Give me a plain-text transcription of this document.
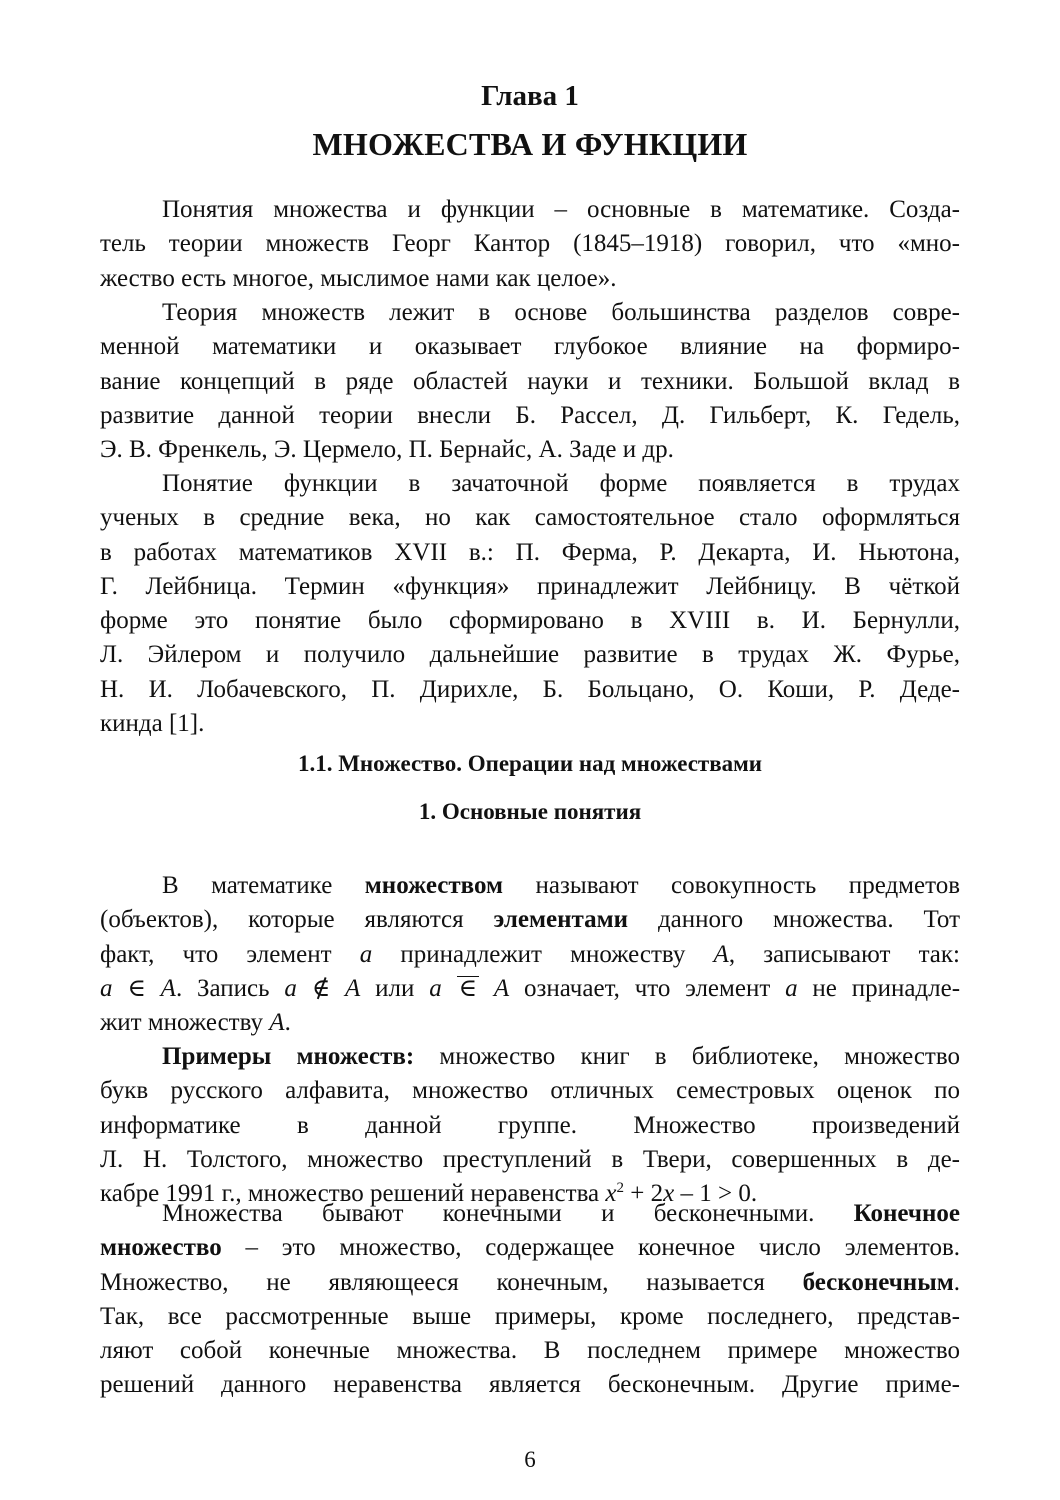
Глава 1
МНОЖЕСТВА И ФУНКЦИИ
Понятия множества и функции – основные в математике. Созда-
тель теории множеств Георг Кантор (1845–1918) говорил, что «мно-
жество есть многое, мыслимое нами как целое».
Теория множеств лежит в основе большинства разделов совре-
менной математики и оказывает глубокое влияние на формиро-
вание концепций в ряде областей науки и техники. Большой вклад в
развитие данной теории внесли Б. Рассел, Д. Гильберт, К. Гедель,
Э. В. Френкель, Э. Цермело, П. Бернайс, А. Заде и др.
Понятие функции в зачаточной форме появляется в трудах
ученых в средние века, но как самостоятельное стало оформляться
в работах математиков XVII в.: П. Ферма, Р. Декарта, И. Ньютона,
Г. Лейбница. Термин «функция» принадлежит Лейбницу. В чёткой
форме это понятие было сформировано в XVIII в. И. Бернулли,
Л. Эйлером и получило дальнейшие развитие в трудах Ж. Фурье,
Н. И. Лобачевского, П. Дирихле, Б. Больцано, О. Коши, Р. Деде-
кинда [1].
1.1. Множество. Операции над множествами
1. Основные понятия
В математике множеством называют совокупность предметов
(объектов), которые являются элементами данного множества. Тот
факт, что элемент a принадлежит множеству A, записывают так:
a ∈ A. Запись a ∉ A или a ∈ A означает, что элемент a не принадле-
жит множеству A.
Примеры множеств: множество книг в библиотеке, множество
букв русского алфавита, множество отличных семестровых оценок по
информатике в данной группе. Множество произведений
Л. Н. Толстого, множество преступлений в Твери, совершенных в де-
кабре 1991 г., множество решений неравенства $x^2 + 2x - 1 > 0$.
Множества бывают конечными и бесконечными. Конечное
множество – это множество, содержащее конечное число элементов.
Множество, не являющееся конечным, называется бесконечным.
Так, все рассмотренные выше примеры, кроме последнего, представ-
ляют собой конечные множества. В последнем примере множество
решений данного неравенства является бесконечным. Другие приме-

6
